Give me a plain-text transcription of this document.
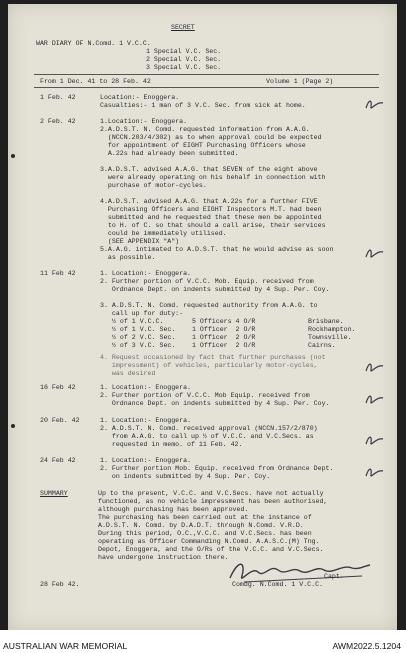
SECRET
WAR DIARY OF N.Comd. 1 V.C.C.
1 Special V.C. Sec.
2 Special V.C. Sec.
3 Special V.C. Sec.
From 1 Dec. 41 to 28 Feb. 42	Volume 1 (Page 2)
1 Feb. 42	Location:- Enoggera.
Casualties:- 1 man of 3 V.C. Sec. from sick at home.
2 Feb. 42	1.Location:- Enoggera.
2.A.D.S.T. N. Comd. requested information from A.A.G.
(NCCN.203/4/302) as to when approval could be expected
for appointment of EIGHT Purchasing Officers whose
A.22s had already been submitted.
3.A.D.S.T. advised A.A.G. that SEVEN of the eight above
were already operating on his behalf in connection with
purchase of motor-cycles.
4.A.D.S.T. advised A.A.G. that A.22s for a further FIVE
Purchasing Officers and EIGHT Inspectors M.T. had been
submitted and he requested that these men be appointed
to H. of C. so that should a call arise, their services
could be immediately utilised.
(SEE APPENDIX "A")
5.A.A.G. intimated to A.D.S.T. that he would advise as soon
as possible.
11 Feb 42	1. Location:- Enoggera.
2. Further portion of V.C.C. Mob. Equip. received from
Ordnance Dept. on indents submitted by 4 Sup. Per. Coy.
3. A.D.S.T. N. Comd. requested authority from A.A.G. to
call up for duty:-
½ of 1 V.C.C.	5 Officers 4 O/R	Brisbane.
½ of 1 V.C. Sec.	1 Officer  2 O/R	Rockhampton.
½ of 2 V.C. Sec.	1 Officer  2 O/R	Townsville.
½ of 3 V.C. Sec.	1 Officer  2 O/R	Cairns.
4. Request occasioned by fact that further purchases (not
impressment) of vehicles, particularly motor-cycles,
was desired
16 Feb 42	1. Location:- Enoggera.
2. Further portion of V.C.C. Mob Equip. received from
Ordnance Dept. on indents submitted by 4 Sup. Per. Coy.
20 Feb. 42	1. Location:- Enoggera.
2. A.D.S.T. N. Comd. received approval (NCCN.157/2/870)
from A.A.G. to call up ½ of V.C.C. and V.C.Secs. as
requested in memo. of 11 Feb. 42.
24 Feb 42	1. Location:- Enoggera.
2. Further portion Mob. Equip. received from Ordnance Dept.
on indents submitted by 4 Sup. Per. Coy.
SUMMARY	Up to the present, V.C.C. and V.C.Secs. have not actually
functioned, as no vehicle impressment has been authorised,
although purchasing has been approved.
The purchasing has been carried out at the instance of
A.D.S.T. N. Comd. by D.A.D.T. through N.Comd. V.R.D.
During this period, O.C.,V.C.C. and V.C.Secs. has been
operating as Officer Commanding N.Comd. A.A.S.C.(M) Tng.
Depot, Enoggera, and the O/Rs of the V.C.C. and V.C.Secs.
have undergone instruction there.
28 Feb 42.
Capt.
Comdg. N.Comd. 1 V.C.C.
AUSTRALIAN WAR MEMORIAL	AWM2022.5.1204
